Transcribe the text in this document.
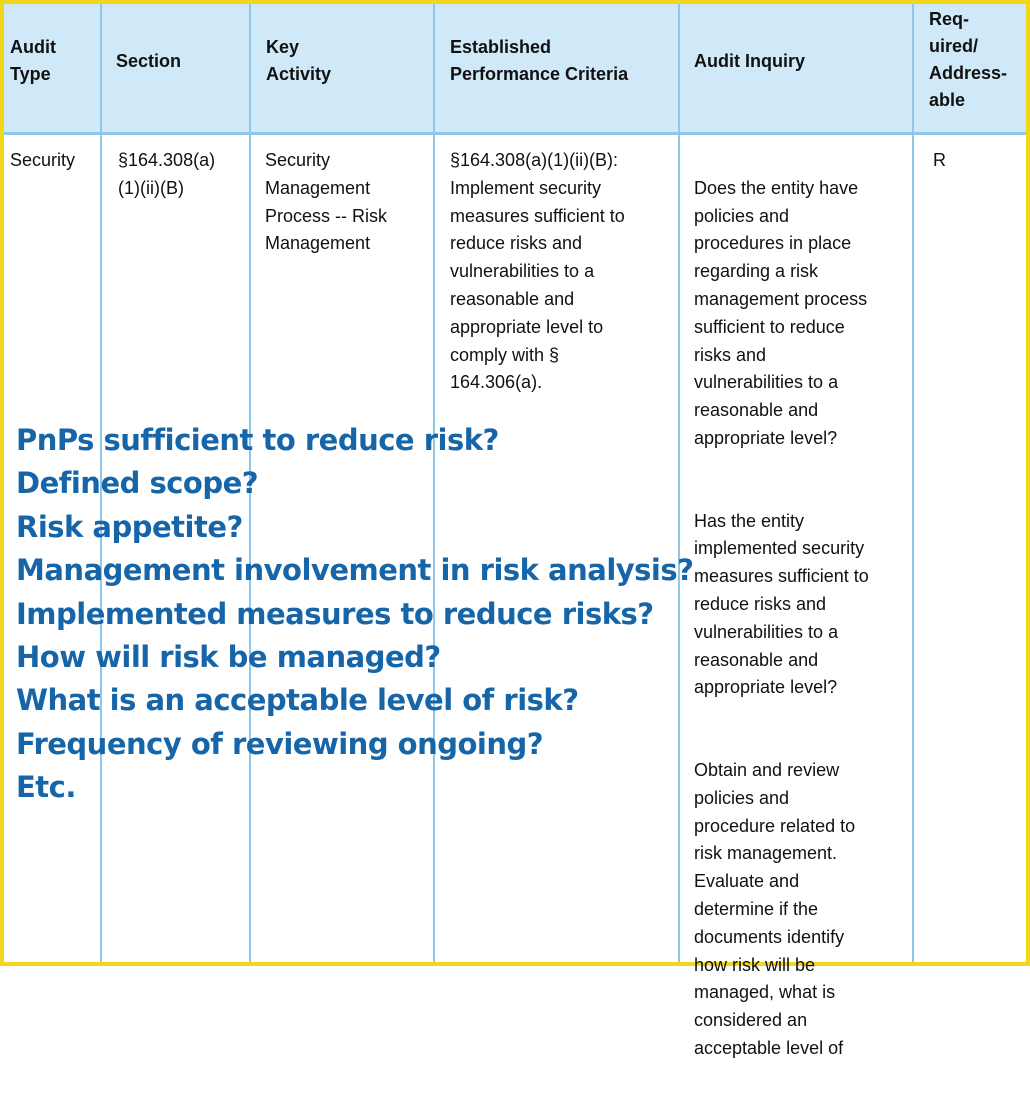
Audit
Type
Section
Key
Activity
Established
Performance Criteria
Audit Inquiry
Req-
uired/
Address-
able
Security §164.308(a)
(1)(ii)(B)
Security
Management
Process -- Risk
Management
§164.308(a)(1)(ii)(B):
Implement security
measures sufficient to
reduce risks and
vulnerabilities to a
reasonable and
appropriate level to
comply with §
164.306(a).

Does the entity have
policies and
procedures in place
regarding a risk
management process
sufficient to reduce
risks and
vulnerabilities to a
reasonable and
appropriate level?

Has the entity
implemented security
measures sufficient to
reduce risks and
vulnerabilities to a
reasonable and
appropriate level?

Obtain and review
policies and
procedure related to
risk management.
Evaluate and
determine if the
documents identify
how risk will be
managed, what is
considered an
acceptable level of

R
PnPs sufficient to reduce risk?
Defined scope?
Risk appetite?
Management involvement in risk analysis?
Implemented measures to reduce risks?
How will risk be managed?
What is an acceptable level of risk?
Frequency of reviewing ongoing?
Etc.
